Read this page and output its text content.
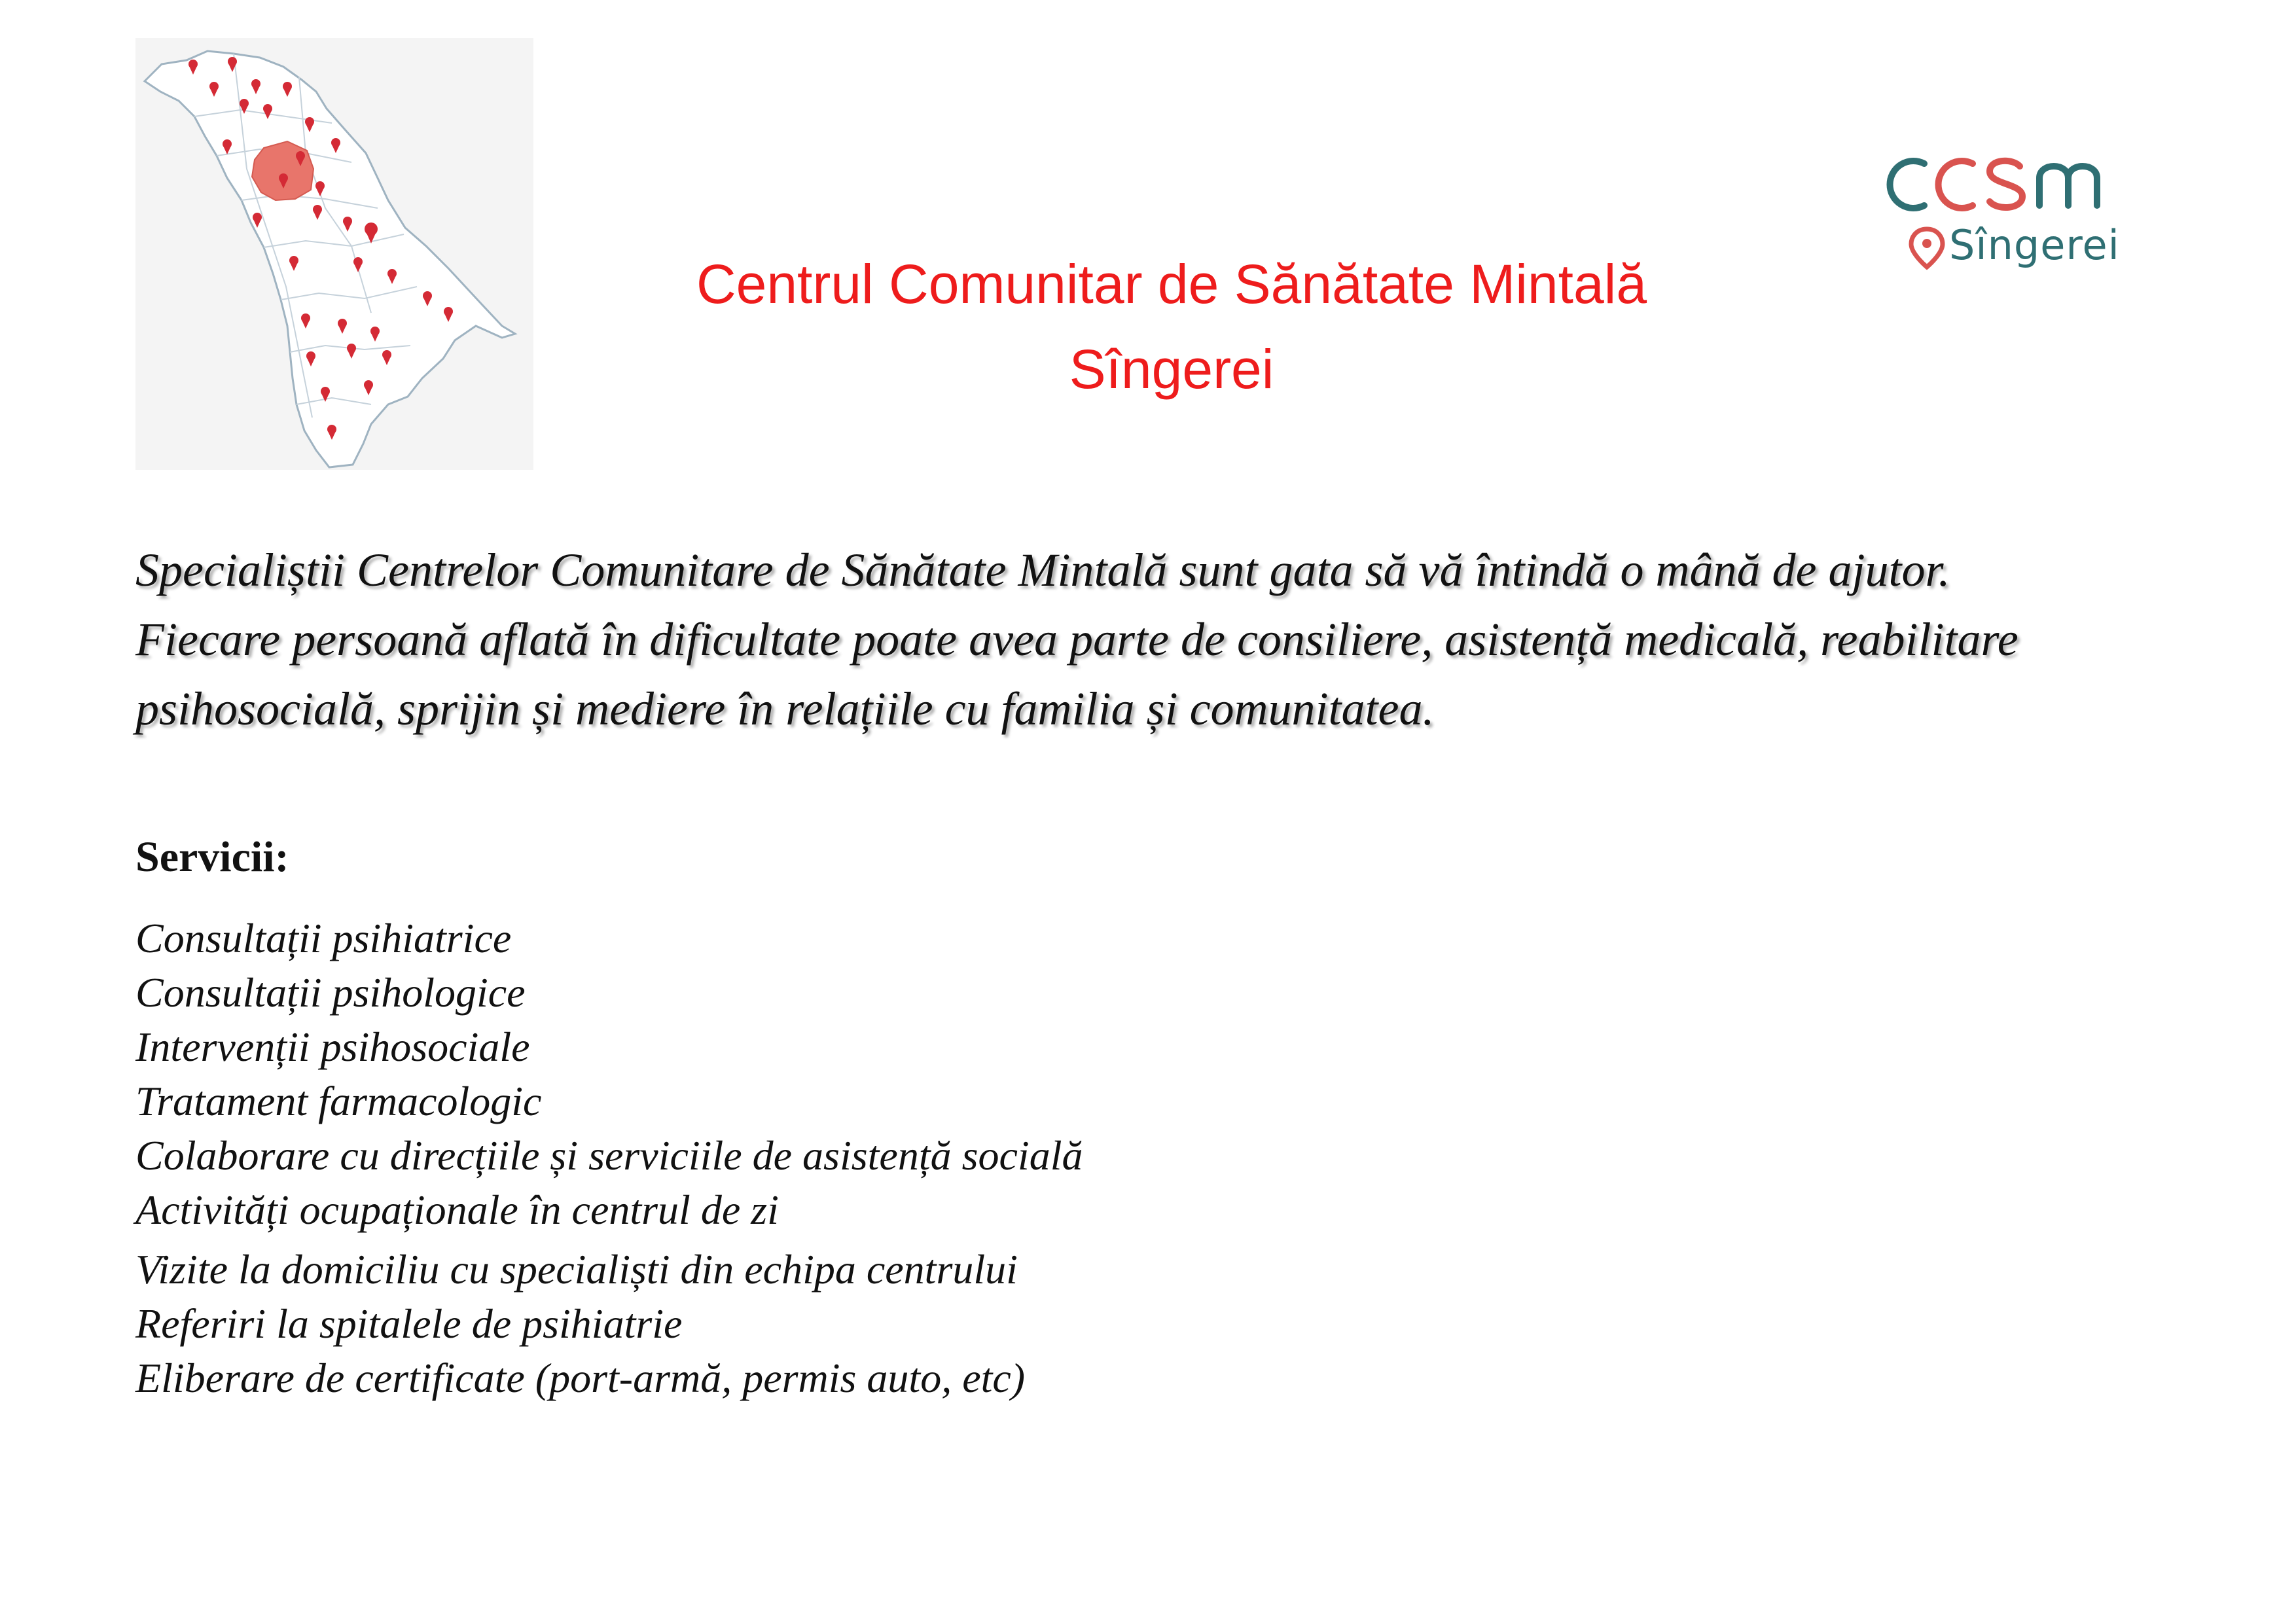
Centrul Comunitar de Sănătate Mintală
Sîngerei
Sîngerei
Specialiștii Centrelor Comunitare de Sănătate Mintală sunt gata să vă întindă o mână de ajutor.
Fiecare persoană aflată în dificultate poate avea parte de consiliere, asistență medicală, reabilitare
psihosocială, sprijin și mediere în relațiile cu familia și comunitatea.
Servicii:
Consultații psihiatrice
Consultații psihologice
Intervenții psihosociale
Tratament farmacologic
Colaborare cu direcțiile și serviciile de asistență socială
Activități ocupaționale în centrul de zi
Vizite la domiciliu cu specialiști din echipa centrului
Referiri la spitalele de psihiatrie
Eliberare de certificate (port-armă, permis auto, etc)
